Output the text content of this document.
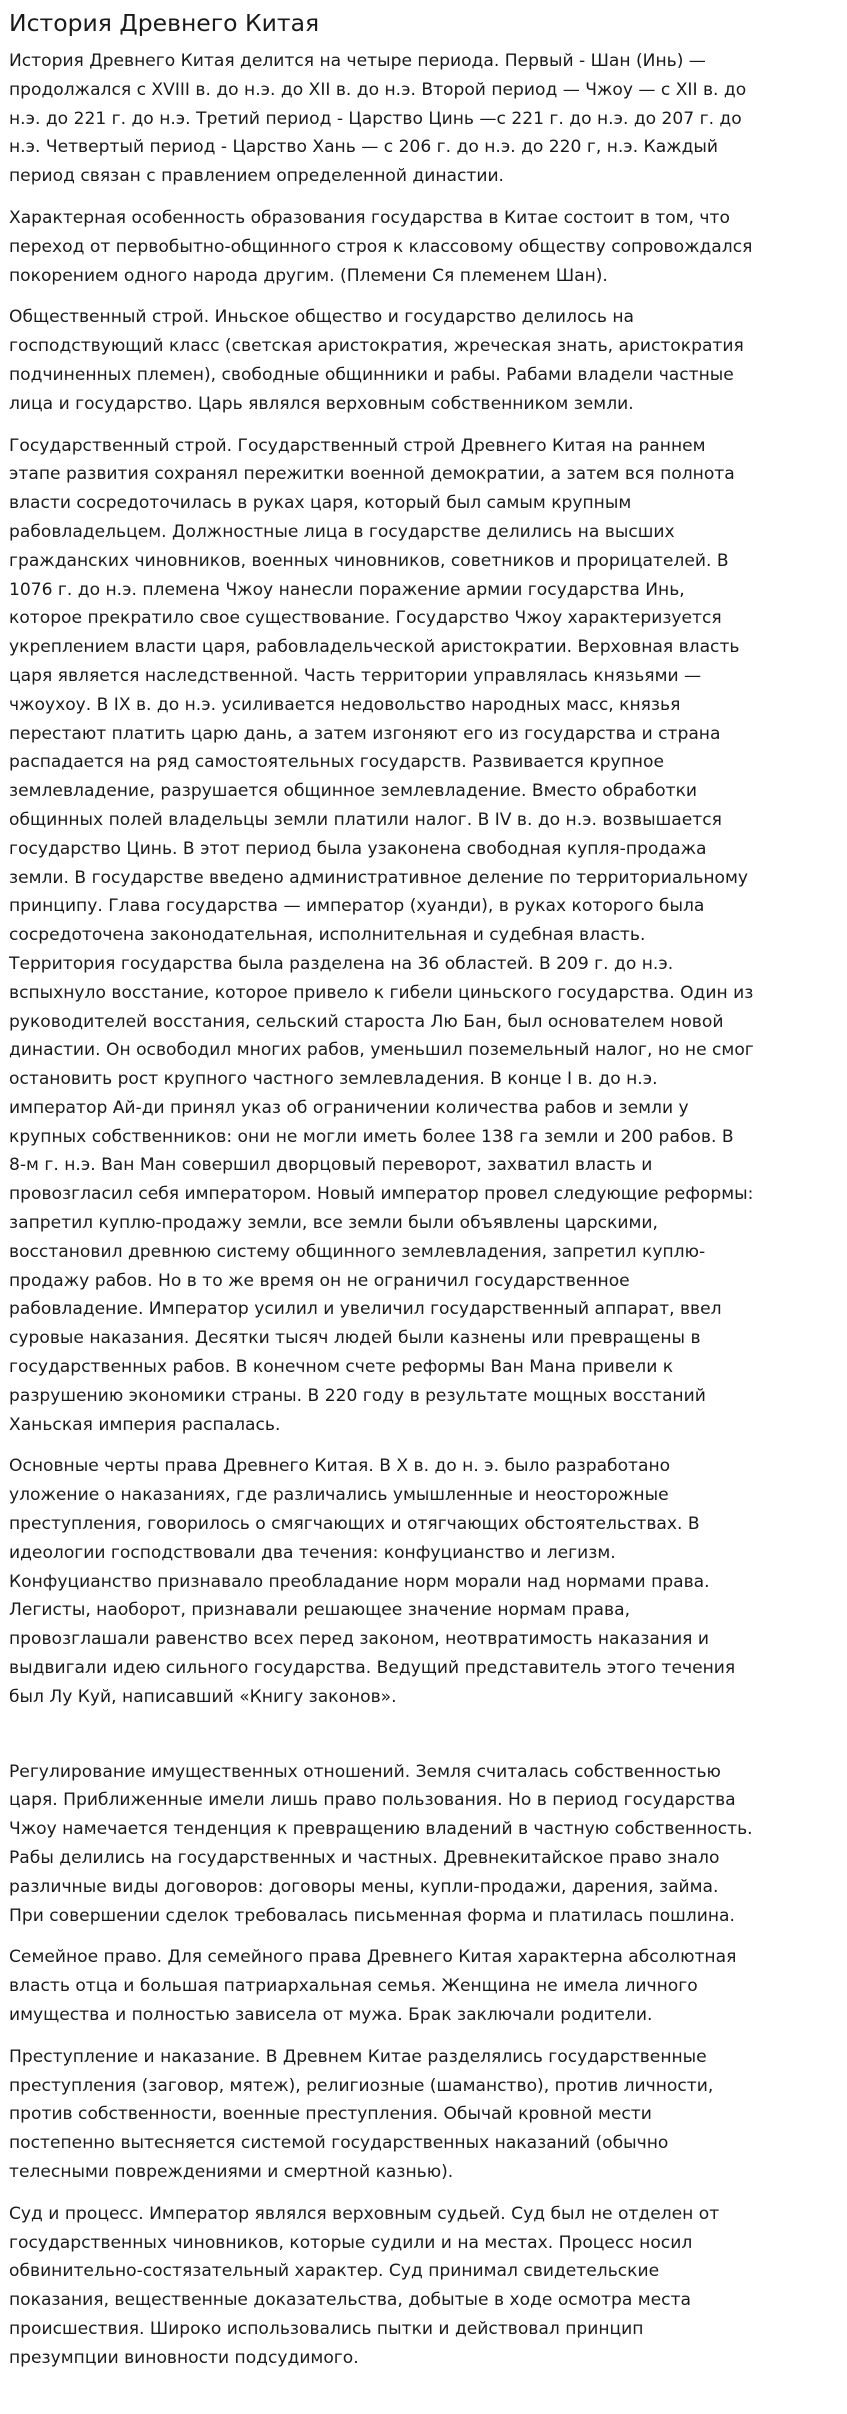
История Древнего Китая

История Древнего Китая делится на четыре периода. Первый - Шан (Инь) —
продолжался с XVIII в. до н.э. до XII в. до н.э. Второй период — Чжоу — с XII в. до
н.э. до 221 г. до н.э. Третий период - Царство Цинь —с 221 г. до н.э. до 207 г. до
н.э. Четвертый период - Царство Хань — с 206 г. до н.э. до 220 г, н.э. Каждый
период связан с правлением определенной династии.

Характерная особенность образования государства в Китае состоит в том, что
переход от первобытно-общинного строя к классовому обществу сопровождался
покорением одного народа другим. (Племени Ся племенем Шан).

Общественный строй. Иньское общество и государство делилось на
господствующий класс (светская аристократия, жреческая знать, аристократия
подчиненных племен), свободные общинники и рабы. Рабами владели частные
лица и государство. Царь являлся верховным собственником земли.

Государственный строй. Государственный строй Древнего Китая на раннем
этапе развития сохранял пережитки военной демократии, а затем вся полнота
власти сосредоточилась в руках царя, который был самым крупным
рабовладельцем. Должностные лица в государстве делились на высших
гражданских чиновников, военных чиновников, советников и прорицателей. В
1076 г. до н.э. племена Чжоу нанесли поражение армии государства Инь,
которое прекратило свое существование. Государство Чжоу характеризуется
укреплением власти царя, рабовладельческой аристократии. Верховная власть
царя является наследственной. Часть территории управлялась князьями —
чжоухоу. В IX в. до н.э. усиливается недовольство народных масс, князья
перестают платить царю дань, а затем изгоняют его из государства и страна
распадается на ряд самостоятельных государств. Развивается крупное
землевладение, разрушается общинное землевладение. Вместо обработки
общинных полей владельцы земли платили налог. В IV в. до н.э. возвышается
государство Цинь. В этот период была узаконена свободная купля-продажа
земли. В государстве введено административное деление по территориальному
принципу. Глава государства — император (хуанди), в руках которого была
сосредоточена законодательная, исполнительная и судебная власть.
Территория государства была разделена на 36 областей. В 209 г. до н.э.
вспыхнуло восстание, которое привело к гибели циньского государства. Один из
руководителей восстания, сельский староста Лю Бан, был основателем новой
династии. Он освободил многих рабов, уменьшил поземельный налог, но не смог
остановить рост крупного частного землевладения. В конце I в. до н.э.
император Ай-ди принял указ об ограничении количества рабов и земли у
крупных собственников: они не могли иметь более 138 га земли и 200 рабов. В
8-м г. н.э. Ван Ман совершил дворцовый переворот, захватил власть и
провозгласил себя императором. Новый император провел следующие реформы:
запретил куплю-продажу земли, все земли были объявлены царскими,
восстановил древнюю систему общинного землевладения, запретил куплю-
продажу рабов. Но в то же время он не ограничил государственное
рабовладение. Император усилил и увеличил государственный аппарат, ввел
суровые наказания. Десятки тысяч людей были казнены или превращены в
государственных рабов. В конечном счете реформы Ван Мана привели к
разрушению экономики страны. В 220 году в результате мощных восстаний
Ханьская империя распалась.

Основные черты права Древнего Китая. В X в. до н. э. было разработано
уложение о наказаниях, где различались умышленные и неосторожные
преступления, говорилось о смягчающих и отягчающих обстоятельствах. В
идеологии господствовали два течения: конфуцианство и легизм.
Конфуцианство признавало преобладание норм морали над нормами права.
Легисты, наоборот, признавали решающее значение нормам права,
провозглашали равенство всех перед законом, неотвратимость наказания и
выдвигали идею сильного государства. Ведущий представитель этого течения
был Лу Куй, написавший «Книгу законов».

Регулирование имущественных отношений. Земля считалась собственностью
царя. Приближенные имели лишь право пользования. Но в период государства
Чжоу намечается тенденция к превращению владений в частную собственность.
Рабы делились на государственных и частных. Древнекитайское право знало
различные виды договоров: договоры мены, купли-продажи, дарения, займа.
При совершении сделок требовалась письменная форма и платилась пошлина.

Семейное право. Для семейного права Древнего Китая характерна абсолютная
власть отца и большая патриархальная семья. Женщина не имела личного
имущества и полностью зависела от мужа. Брак заключали родители.

Преступление и наказание. В Древнем Китае разделялись государственные
преступления (заговор, мятеж), религиозные (шаманство), против личности,
против собственности, военные преступления. Обычай кровной мести
постепенно вытесняется системой государственных наказаний (обычно
телесными повреждениями и смертной казнью).

Суд и процесс. Император являлся верховным судьей. Суд был не отделен от
государственных чиновников, которые судили и на местах. Процесс носил
обвинительно-состязательный характер. Суд принимал свидетельские
показания, вещественные доказательства, добытые в ходе осмотра места
происшествия. Широко использовались пытки и действовал принцип
презумпции виновности подсудимого.
